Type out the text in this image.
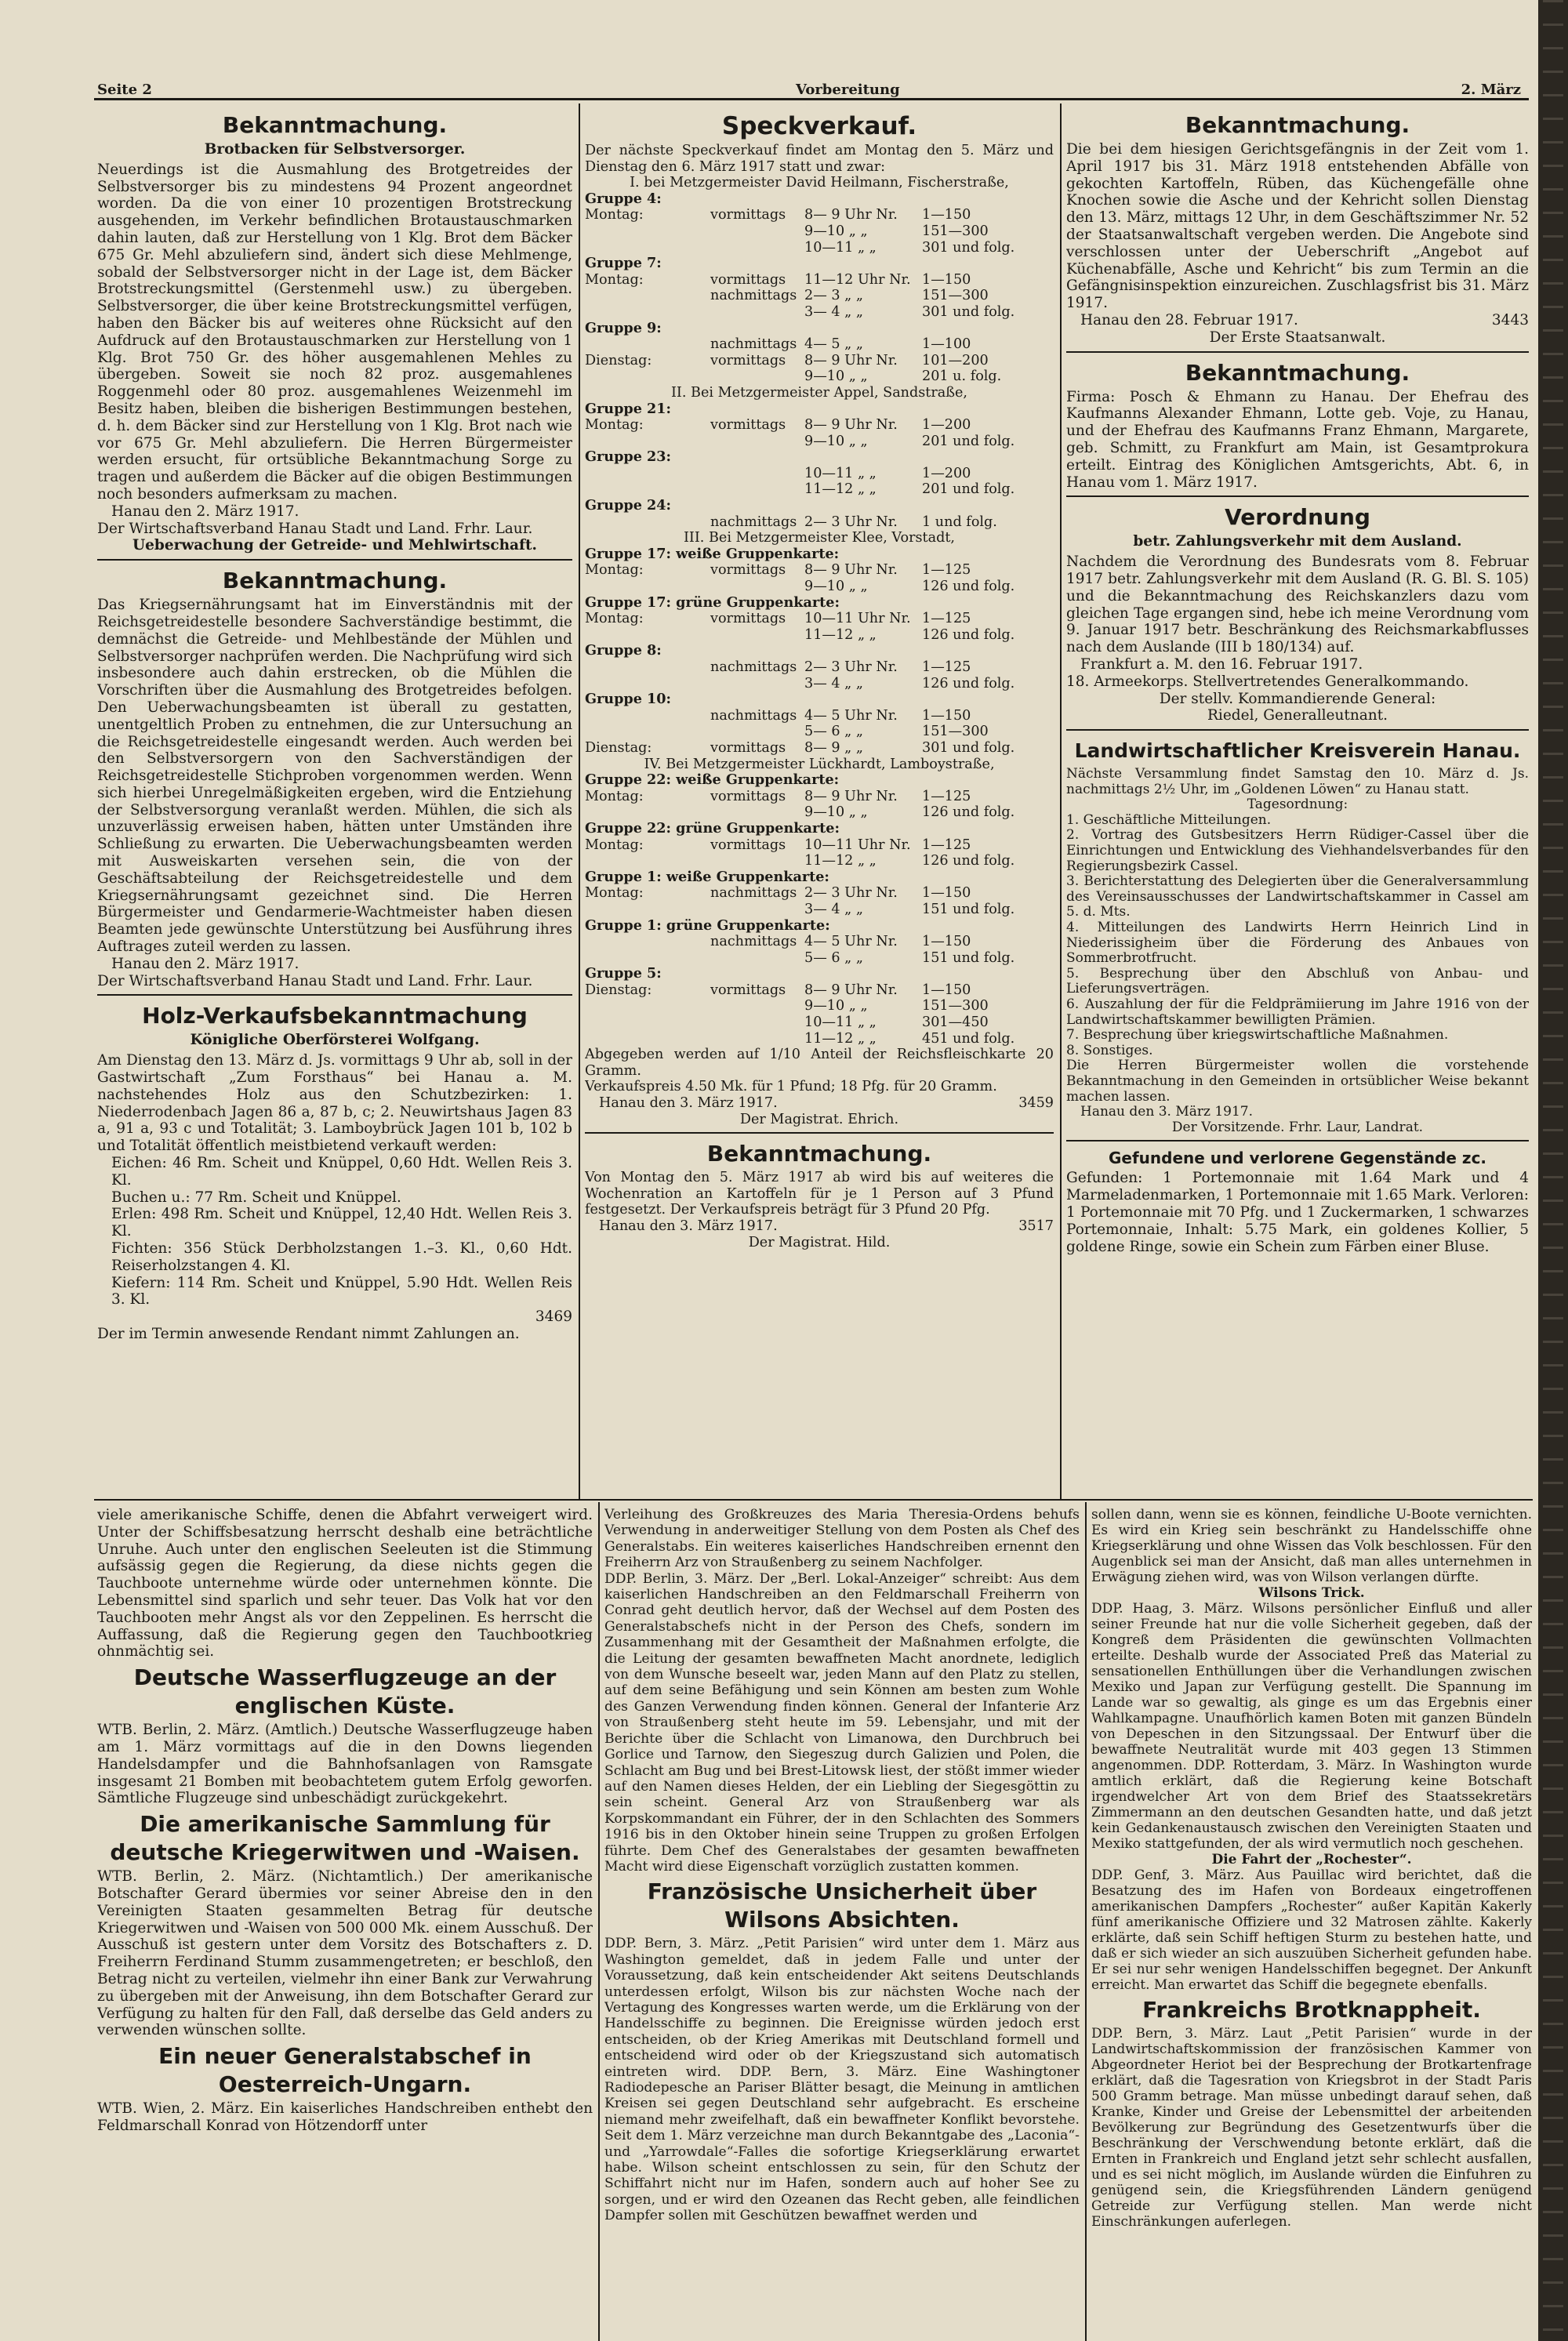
Seite 2	Vorbereitung	2. März
Bekanntmachung.
Brotbacken für Selbstversorger.

Neuerdings ist die Ausmahlung des Brotgetreides der Selbstversorger bis zu mindestens 94 Prozent angeordnet worden. Da die von einer 10 prozentigen Brotstreckung ausgehenden, im Verkehr befindlichen Brotaustauschmarken dahin lauten, daß zur Herstellung von 1 Klg. Brot dem Bäcker 675 Gr. Mehl abzuliefern sind, ändert sich diese Mehlmenge, sobald der Selbstversorger nicht in der Lage ist, dem Bäcker Brotstreckungsmittel (Gerstenmehl usw.) zu übergeben. Selbstversorger, die über keine Brotstreckungsmittel verfügen, haben den Bäcker bis auf weiteres ohne Rücksicht auf den Aufdruck auf den Brotaustauschmarken zur Herstellung von 1 Klg. Brot 750 Gr. des höher ausgemahlenen Mehles zu übergeben. Soweit sie noch 82 proz. ausgemahlenes Roggenmehl oder 80 proz. ausgemahlenes Weizenmehl im Besitz haben, bleiben die bisherigen Bestimmungen bestehen, d. h. dem Bäcker sind zur Herstellung von 1 Klg. Brot nach wie vor 675 Gr. Mehl abzuliefern. Die Herren Bürgermeister werden ersucht, für ortsübliche Bekanntmachung Sorge zu tragen und außerdem die Bäcker auf die obigen Bestimmungen noch besonders aufmerksam zu machen.

Hanau den 2. März 1917.

Der Wirtschaftsverband Hanau Stadt und Land. Frhr. Laur.

Ueberwachung der Getreide- und Mehlwirtschaft.

Bekanntmachung.

Das Kriegsernährungsamt hat im Einverständnis mit der Reichsgetreidestelle besondere Sachverständige bestimmt, die demnächst die Getreide- und Mehlbestände der Mühlen und Selbstversorger nachprüfen werden. Die Nachprüfung wird sich insbesondere auch dahin erstrecken, ob die Mühlen die Vorschriften über die Ausmahlung des Brotgetreides befolgen. Den Ueberwachungsbeamten ist überall zu gestatten, unentgeltlich Proben zu entnehmen, die zur Untersuchung an die Reichsgetreidestelle eingesandt werden. Auch werden bei den Selbstversorgern von den Sachverständigen der Reichsgetreidestelle Stichproben vorgenommen werden. Wenn sich hierbei Unregelmäßigkeiten ergeben, wird die Entziehung der Selbstversorgung veranlaßt werden. Mühlen, die sich als unzuverlässig erweisen haben, hätten unter Umständen ihre Schließung zu erwarten. Die Ueberwachungsbeamten werden mit Ausweiskarten versehen sein, die von der Geschäftsabteilung der Reichsgetreidestelle und dem Kriegsernährungsamt gezeichnet sind. Die Herren Bürgermeister und Gendarmerie-Wachtmeister haben diesen Beamten jede gewünschte Unterstützung bei Ausführung ihres Auftrages zuteil werden zu lassen.

Hanau den 2. März 1917.

Der Wirtschaftsverband Hanau Stadt und Land. Frhr. Laur.

Holz-Verkaufsbekanntmachung
Königliche Oberförsterei Wolfgang.

Am Dienstag den 13. März d. Js. vormittags 9 Uhr ab, soll in der Gastwirtschaft „Zum Forsthaus“ bei Hanau a. M. nachstehendes Holz aus den Schutzbezirken: 1. Niederrodenbach Jagen 86 a, 87 b, c; 2. Neuwirtshaus Jagen 83 a, 91 a, 93 c und Totalität; 3. Lamboybrück Jagen 101 b, 102 b und Totalität öffentlich meistbietend verkauft werden:

Eichen: 46 Rm. Scheit und Knüppel, 0,60 Hdt. Wellen Reis 3. Kl.

Buchen u.: 77 Rm. Scheit und Knüppel.

Erlen: 498 Rm. Scheit und Knüppel, 12,40 Hdt. Wellen Reis 3. Kl.

Fichten: 356 Stück Derbholzstangen 1.–3. Kl., 0,60 Hdt. Reiserholzstangen 4. Kl.

Kiefern: 114 Rm. Scheit und Knüppel, 5.90 Hdt. Wellen Reis 3. Kl.

3469

Der im Termin anwesende Rendant nimmt Zahlungen an.

Speckverkauf.

Der nächste Speckverkauf findet am Montag den 5. März und Dienstag den 6. März 1917 statt und zwar:

I. bei Metzgermeister David Heilmann, Fischerstraße,

Gruppe 4:

Montag:	vormittags	8— 9 Uhr Nr.	1—150
9—10 „ „	151—300
10—11 „ „	301 und folg.

Gruppe 7:

Montag:	vormittags	11—12 Uhr Nr. 1—150
nachmittags 2— 3 „ „	151—300
3— 4 „ „	301 und folg.

Gruppe 9:

nachmittags 4— 5 „ „	1—100
Dienstag:	vormittags	8— 9 Uhr Nr.	101—200
9—10 „ „	201 u. folg.

II. Bei Metzgermeister Appel, Sandstraße,

Gruppe 21:

Montag:	vormittags	8— 9 Uhr Nr.	1—200
9—10 „ „	201 und folg.

Gruppe 23:

10—11 „ „	1—200
11—12 „ „	201 und folg.

Gruppe 24:

nachmittags 2— 3 Uhr Nr.	1 und folg.

III. Bei Metzgermeister Klee, Vorstadt,

Gruppe 17: weiße Gruppenkarte:

Montag:	vormittags	8— 9 Uhr Nr.	1—125
9—10 „ „	126 und folg.

Gruppe 17: grüne Gruppenkarte:

Montag:	vormittags	10—11 Uhr Nr. 1—125
11—12 „ „	126 und folg.

Gruppe 8:

nachmittags 2— 3 Uhr Nr.	1—125
3— 4 „ „	126 und folg.

Gruppe 10:

nachmittags 4— 5 Uhr Nr.	1—150
5— 6 „ „	151—300
Dienstag:	vormittags	8— 9 „ „	301 und folg.

IV. Bei Metzgermeister Lückhardt, Lamboystraße,

Gruppe 22: weiße Gruppenkarte:

Montag:	vormittags	8— 9 Uhr Nr.	1—125
9—10 „ „	126 und folg.

Gruppe 22: grüne Gruppenkarte:

Montag:	vormittags	10—11 Uhr Nr. 1—125
11—12 „ „	126 und folg.

Gruppe 1: weiße Gruppenkarte:

Montag:	nachmittags 2— 3 Uhr Nr.	1—150
3— 4 „ „	151 und folg.

Gruppe 1: grüne Gruppenkarte:

nachmittags 4— 5 Uhr Nr.	1—150
5— 6 „ „	151 und folg.

Gruppe 5:

Dienstag:	vormittags	8— 9 Uhr Nr.	1—150
9—10 „ „	151—300
10—11 „ „	301—450
11—12 „ „	451 und folg.

Abgegeben werden auf 1/10 Anteil der Reichsfleischkarte 20 Gramm.

Verkaufspreis 4.50 Mk. für 1 Pfund; 18 Pfg. für 20 Gramm.

Hanau den 3. März 1917.	3459

Der Magistrat. Ehrich.

Bekanntmachung.

Von Montag den 5. März 1917 ab wird bis auf weiteres die Wochenration an Kartoffeln für je 1 Person auf 3 Pfund festgesetzt. Der Verkaufspreis beträgt für 3 Pfund 20 Pfg.

Hanau den 3. März 1917.	3517

Der Magistrat. Hild.

Bekanntmachung.

Die bei dem hiesigen Gerichtsgefängnis in der Zeit vom 1. April 1917 bis 31. März 1918 entstehenden Abfälle von gekochten Kartoffeln, Rüben, das Küchengefälle ohne Knochen sowie die Asche und der Kehricht sollen Dienstag den 13. März, mittags 12 Uhr, in dem Geschäftszimmer Nr. 52 der Staatsanwaltschaft vergeben werden. Die Angebote sind verschlossen unter der Ueberschrift „Angebot auf Küchenabfälle, Asche und Kehricht“ bis zum Termin an die Gefängnisinspektion einzureichen. Zuschlagsfrist bis 31. März 1917.

Hanau den 28. Februar 1917.	3443

Der Erste Staatsanwalt.

Bekanntmachung.

Firma: Posch & Ehmann zu Hanau. Der Ehefrau des Kaufmanns Alexander Ehmann, Lotte geb. Voje, zu Hanau, und der Ehefrau des Kaufmanns Franz Ehmann, Margarete, geb. Schmitt, zu Frankfurt am Main, ist Gesamtprokura erteilt. Eintrag des Königlichen Amtsgerichts, Abt. 6, in Hanau vom 1. März 1917.

Verordnung
betr. Zahlungsverkehr mit dem Ausland.

Nachdem die Verordnung des Bundesrats vom 8. Februar 1917 betr. Zahlungsverkehr mit dem Ausland (R. G. Bl. S. 105) und die Bekanntmachung des Reichskanzlers dazu vom gleichen Tage ergangen sind, hebe ich meine Verordnung vom 9. Januar 1917 betr. Beschränkung des Reichsmarkabflusses nach dem Auslande (III b 180/134) auf.

Frankfurt a. M. den 16. Februar 1917.

18. Armeekorps. Stellvertretendes Generalkommando.

Der stellv. Kommandierende General:

Riedel, Generalleutnant.

Landwirtschaftlicher Kreisverein Hanau.

Nächste Versammlung findet Samstag den 10. März d. Js. nachmittags 2½ Uhr, im „Goldenen Löwen“ zu Hanau statt.

Tagesordnung:

1. Geschäftliche Mitteilungen.

2. Vortrag des Gutsbesitzers Herrn Rüdiger-Cassel über die Einrichtungen und Entwicklung des Viehhandelsverbandes für den Regierungsbezirk Cassel.

3. Berichterstattung des Delegierten über die Generalversammlung des Vereinsausschusses der Landwirtschaftskammer in Cassel am 5. d. Mts.

4. Mitteilungen des Landwirts Herrn Heinrich Lind in Niederissigheim über die Förderung des Anbaues von Sommerbrotfrucht.

5. Besprechung über den Abschluß von Anbau- und Lieferungsverträgen.

6. Auszahlung der für die Feldprämiierung im Jahre 1916 von der Landwirtschaftskammer bewilligten Prämien.

7. Besprechung über kriegswirtschaftliche Maßnahmen.

8. Sonstiges.

Die Herren Bürgermeister wollen die vorstehende Bekanntmachung in den Gemeinden in ortsüblicher Weise bekannt machen lassen.

Hanau den 3. März 1917.

Der Vorsitzende. Frhr. Laur, Landrat.

Gefundene und verlorene Gegenstände zc.

Gefunden: 1 Portemonnaie mit 1.64 Mark und 4 Marmeladenmarken, 1 Portemonnaie mit 1.65 Mark. Verloren: 1 Portemonnaie mit 70 Pfg. und 1 Zuckermarken, 1 schwarzes Portemonnaie, Inhalt: 5.75 Mark, ein goldenes Kollier, 5 goldene Ringe, sowie ein Schein zum Färben einer Bluse.

viele amerikanische Schiffe, denen die Abfahrt verweigert wird. Unter der Schiffsbesatzung herrscht deshalb eine beträchtliche Unruhe. Auch unter den englischen Seeleuten ist die Stimmung aufsässig gegen die Regierung, da diese nichts gegen die Tauchboote unternehme würde oder unternehmen könnte. Die Lebensmittel sind sparlich und sehr teuer. Das Volk hat vor den Tauchbooten mehr Angst als vor den Zeppelinen. Es herrscht die Auffassung, daß die Regierung gegen den Tauchbootkrieg ohnmächtig sei.

Deutsche Wasserflugzeuge an der englischen Küste.

WTB. Berlin, 2. März. (Amtlich.) Deutsche Wasserflugzeuge haben am 1. März vormittags auf die in den Downs liegenden Handelsdampfer und die Bahnhofsanlagen von Ramsgate insgesamt 21 Bomben mit beobachtetem gutem Erfolg geworfen. Sämtliche Flugzeuge sind unbeschädigt zurückgekehrt.

Die amerikanische Sammlung für deutsche Kriegerwitwen und -Waisen.

WTB. Berlin, 2. März. (Nichtamtlich.) Der amerikanische Botschafter Gerard übermies vor seiner Abreise den in den Vereinigten Staaten gesammelten Betrag für deutsche Kriegerwitwen und -Waisen von 500 000 Mk. einem Ausschuß. Der Ausschuß ist gestern unter dem Vorsitz des Botschafters z. D. Freiherrn Ferdinand Stumm zusammengetreten; er beschloß, den Betrag nicht zu verteilen, vielmehr ihn einer Bank zur Verwahrung zu übergeben mit der Anweisung, ihn dem Botschafter Gerard zur Verfügung zu halten für den Fall, daß derselbe das Geld anders zu verwenden wünschen sollte.

Ein neuer Generalstabschef in Oesterreich-Ungarn.

WTB. Wien, 2. März. Ein kaiserliches Handschreiben enthebt den Feldmarschall Konrad von Hötzendorff unter

Verleihung des Großkreuzes des Maria Theresia-Ordens behufs Verwendung in anderweitiger Stellung von dem Posten als Chef des Generalstabs. Ein weiteres kaiserliches Handschreiben ernennt den Freiherrn Arz von Straußenberg zu seinem Nachfolger.

DDP. Berlin, 3. März. Der „Berl. Lokal-Anzeiger“ schreibt: Aus dem kaiserlichen Handschreiben an den Feldmarschall Freiherrn von Conrad geht deutlich hervor, daß der Wechsel auf dem Posten des Generalstabschefs nicht in der Person des Chefs, sondern im Zusammenhang mit der Gesamtheit der Maßnahmen erfolgte, die die Leitung der gesamten bewaffneten Macht anordnete, lediglich von dem Wunsche beseelt war, jeden Mann auf den Platz zu stellen, auf dem seine Befähigung und sein Können am besten zum Wohle des Ganzen Verwendung finden können. General der Infanterie Arz von Straußenberg steht heute im 59. Lebensjahr, und mit der Berichte über die Schlacht von Limanowa, den Durchbruch bei Gorlice und Tarnow, den Siegeszug durch Galizien und Polen, die Schlacht am Bug und bei Brest-Litowsk liest, der stößt immer wieder auf den Namen dieses Helden, der ein Liebling der Siegesgöttin zu sein scheint. General Arz von Straußenberg war als Korpskommandant ein Führer, der in den Schlachten des Sommers 1916 bis in den Oktober hinein seine Truppen zu großen Erfolgen führte. Dem Chef des Generalstabes der gesamten bewaffneten Macht wird diese Eigenschaft vorzüglich zustatten kommen.

Französische Unsicherheit über Wilsons Absichten.

DDP. Bern, 3. März. „Petit Parisien“ wird unter dem 1. März aus Washington gemeldet, daß in jedem Falle und unter der Voraussetzung, daß kein entscheidender Akt seitens Deutschlands unterdessen erfolgt, Wilson bis zur nächsten Woche nach der Vertagung des Kongresses warten werde, um die Erklärung von der Handelsschiffe zu beginnen. Die Ereignisse würden jedoch erst entscheiden, ob der Krieg Amerikas mit Deutschland formell und entscheidend wird oder ob der Kriegszustand sich automatisch eintreten wird. DDP. Bern, 3. März. Eine Washingtoner Radiodepesche an Pariser Blätter besagt, die Meinung in amtlichen Kreisen sei gegen Deutschland sehr aufgebracht. Es erscheine niemand mehr zweifelhaft, daß ein bewaffneter Konflikt bevorstehe. Seit dem 1. März verzeichne man durch Bekanntgabe des „Laconia“- und „Yarrowdale“-Falles die sofortige Kriegserklärung erwartet habe. Wilson scheint entschlossen zu sein, für den Schutz der Schiffahrt nicht nur im Hafen, sondern auch auf hoher See zu sorgen, und er wird den Ozeanen das Recht geben, alle feindlichen Dampfer sollen mit Geschützen bewaffnet werden und

sollen dann, wenn sie es können, feindliche U-Boote vernichten. Es wird ein Krieg sein beschränkt zu Handelsschiffe ohne Kriegserklärung und ohne Wissen das Volk beschlossen. Für den Augenblick sei man der Ansicht, daß man alles unternehmen in Erwägung ziehen wird, was von Wilson verlangen dürfte.

Wilsons Trick.

DDP. Haag, 3. März. Wilsons persönlicher Einfluß und aller seiner Freunde hat nur die volle Sicherheit gegeben, daß der Kongreß dem Präsidenten die gewünschten Vollmachten erteilte. Deshalb wurde der Associated Preß das Material zu sensationellen Enthüllungen über die Verhandlungen zwischen Mexiko und Japan zur Verfügung gestellt. Die Spannung im Lande war so gewaltig, als ginge es um das Ergebnis einer Wahlkampagne. Unaufhörlich kamen Boten mit ganzen Bündeln von Depeschen in den Sitzungssaal. Der Entwurf über die bewaffnete Neutralität wurde mit 403 gegen 13 Stimmen angenommen. DDP. Rotterdam, 3. März. In Washington wurde amtlich erklärt, daß die Regierung keine Botschaft irgendwelcher Art von dem Brief des Staatssekretärs Zimmermann an den deutschen Gesandten hatte, und daß jetzt kein Gedankenaustausch zwischen den Vereinigten Staaten und Mexiko stattgefunden, der als wird vermutlich noch geschehen.

Die Fahrt der „Rochester“.

DDP. Genf, 3. März. Aus Pauillac wird berichtet, daß die Besatzung des im Hafen von Bordeaux eingetroffenen amerikanischen Dampfers „Rochester“ außer Kapitän Kakerly fünf amerikanische Offiziere und 32 Matrosen zählte. Kakerly erklärte, daß sein Schiff heftigen Sturm zu bestehen hatte, und daß er sich wieder an sich auszuüben Sicherheit gefunden habe. Er sei nur sehr wenigen Handelsschiffen begegnet. Der Ankunft erreicht. Man erwartet das Schiff die begegnete ebenfalls.

Frankreichs Brotknappheit.

DDP. Bern, 3. März. Laut „Petit Parisien“ wurde in der Landwirtschaftskommission der französischen Kammer von Abgeordneter Heriot bei der Besprechung der Brotkartenfrage erklärt, daß die Tagesration von Kriegsbrot in der Stadt Paris 500 Gramm betrage. Man müsse unbedingt darauf sehen, daß Kranke, Kinder und Greise der Lebensmittel der arbeitenden Bevölkerung zur Begründung des Gesetzentwurfs über die Beschränkung der Verschwendung betonte erklärt, daß die Ernten in Frankreich und England jetzt sehr schlecht ausfallen, und es sei nicht möglich, im Auslande würden die Einfuhren zu genügend sein, die Kriegsführenden Ländern genügend Getreide zur Verfügung stellen. Man werde nicht Einschränkungen auferlegen.
